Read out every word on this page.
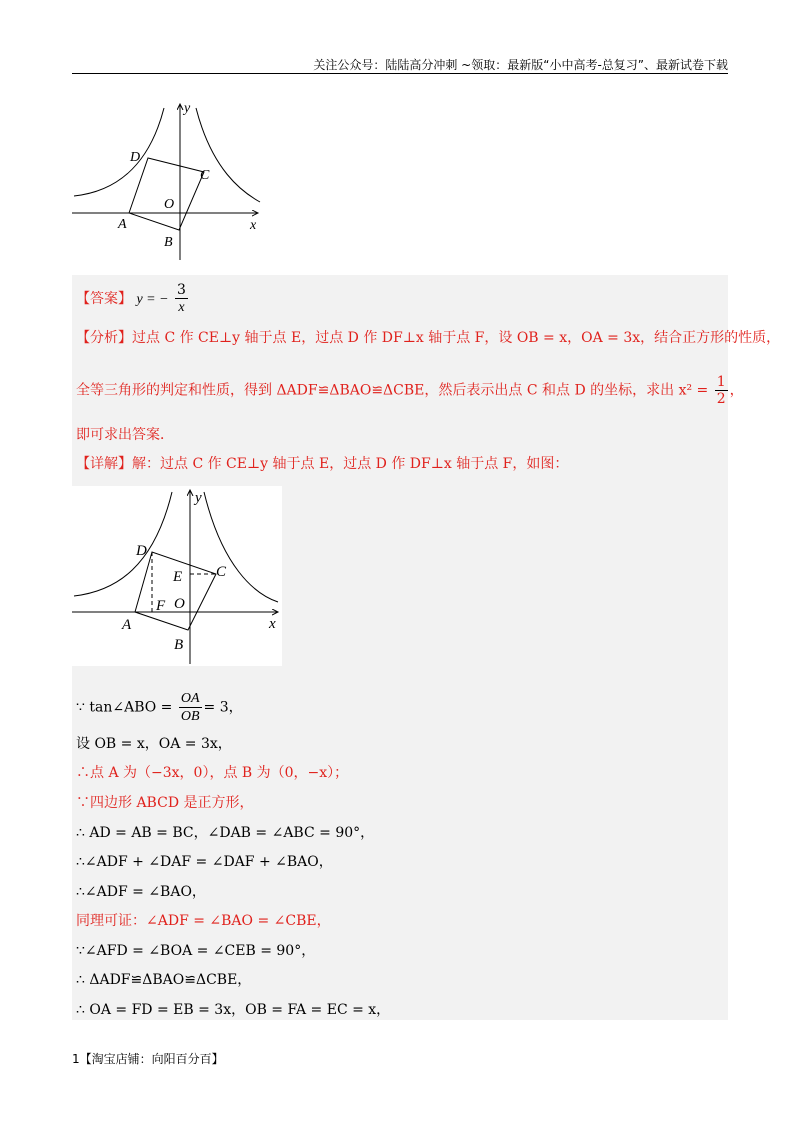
关注公众号：陆陆高分冲刺 ~领取：最新版“小中高考-总复习”、最新试卷下载
y
D
C
O
A
B
x
【答案】 y = − $\frac{3}{x}$
【分析】过点 C 作 CE⊥y 轴于点 E，过点 D 作 DF⊥x 轴于点 F，设 OB = x，OA = 3x，结合正方形的性质，
全等三角形的判定和性质，得到 ΔADF≌ΔBAO≌ΔCBE，然后表示出点 C 和点 D 的坐标，求出 $x^2 = \frac{1}{2}$ ，
即可求出答案．
【详解】解：过点 C 作 CE⊥y 轴于点 E，过点 D 作 DF⊥x 轴于点 F，如图：
y
D
C
E
O
F
A
B
x
∵ tan∠ABO = $\frac{OA}{OB} = 3$，
设 OB = x，OA = 3x，
∴点 A 为（−3x，0），点 B 为（0，−x）；
∵四边形 ABCD 是正方形，
∴ AD = AB = BC，∠DAB = ∠ABC = 90°，
∴∠ADF + ∠DAF = ∠DAF + ∠BAO，
∴∠ADF = ∠BAO，
同理可证：∠ADF = ∠BAO = ∠CBE，
∵∠AFD = ∠BOA = ∠CEB = 90°，
∴ ΔADF≌ΔBAO≌ΔCBE，
∴ OA = FD = EB = 3x，OB = FA = EC = x，
1【淘宝店铺：向阳百分百】
